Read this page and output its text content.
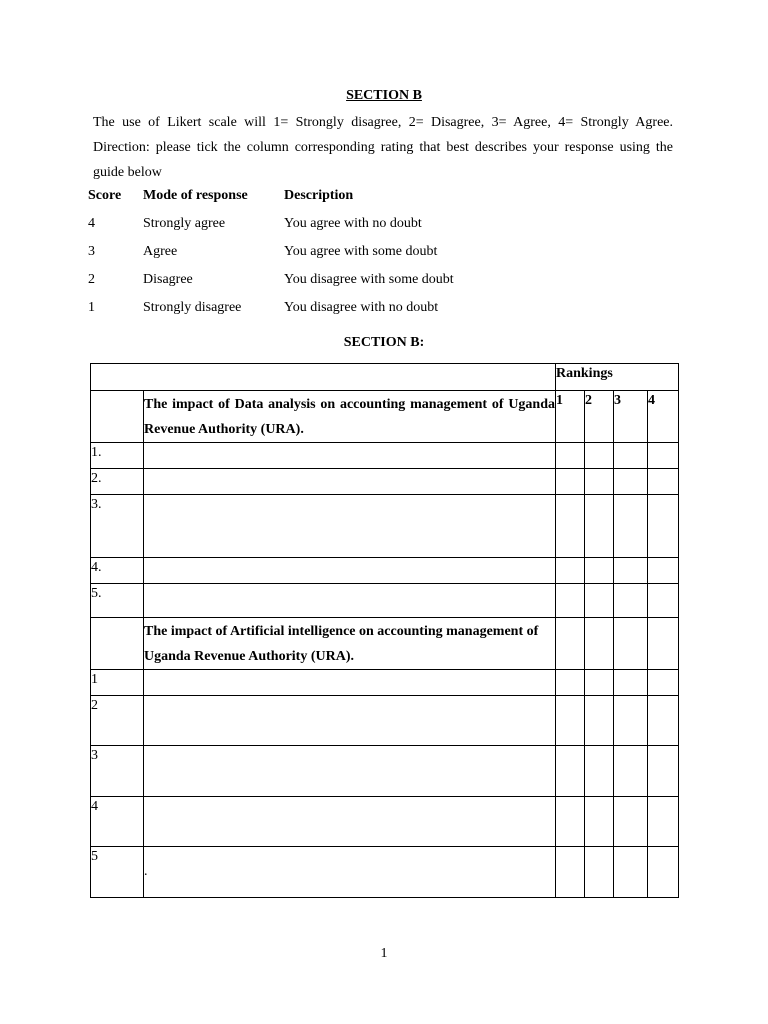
SECTION B
The use of Likert scale will 1= Strongly disagree, 2= Disagree, 3= Agree, 4= Strongly Agree.
Direction: please tick the column corresponding rating that best describes your response using the guide below
Score Mode of response	Description
4	Strongly agree	You agree with no doubt
3	Agree	You agree with some doubt
2	Disagree	You disagree with some doubt
1	Strongly disagree	You disagree with no doubt
SECTION B:
		Rankings			
	The impact of Data analysis on accounting management of Uganda Revenue Authority (URA).	1	2	3	4
1.					
2.					
3.					
4.					
5.					
	The impact of Artificial intelligence on accounting management of Uganda Revenue Authority (URA).				
1					
2					
3					
4					
5	.				
1
